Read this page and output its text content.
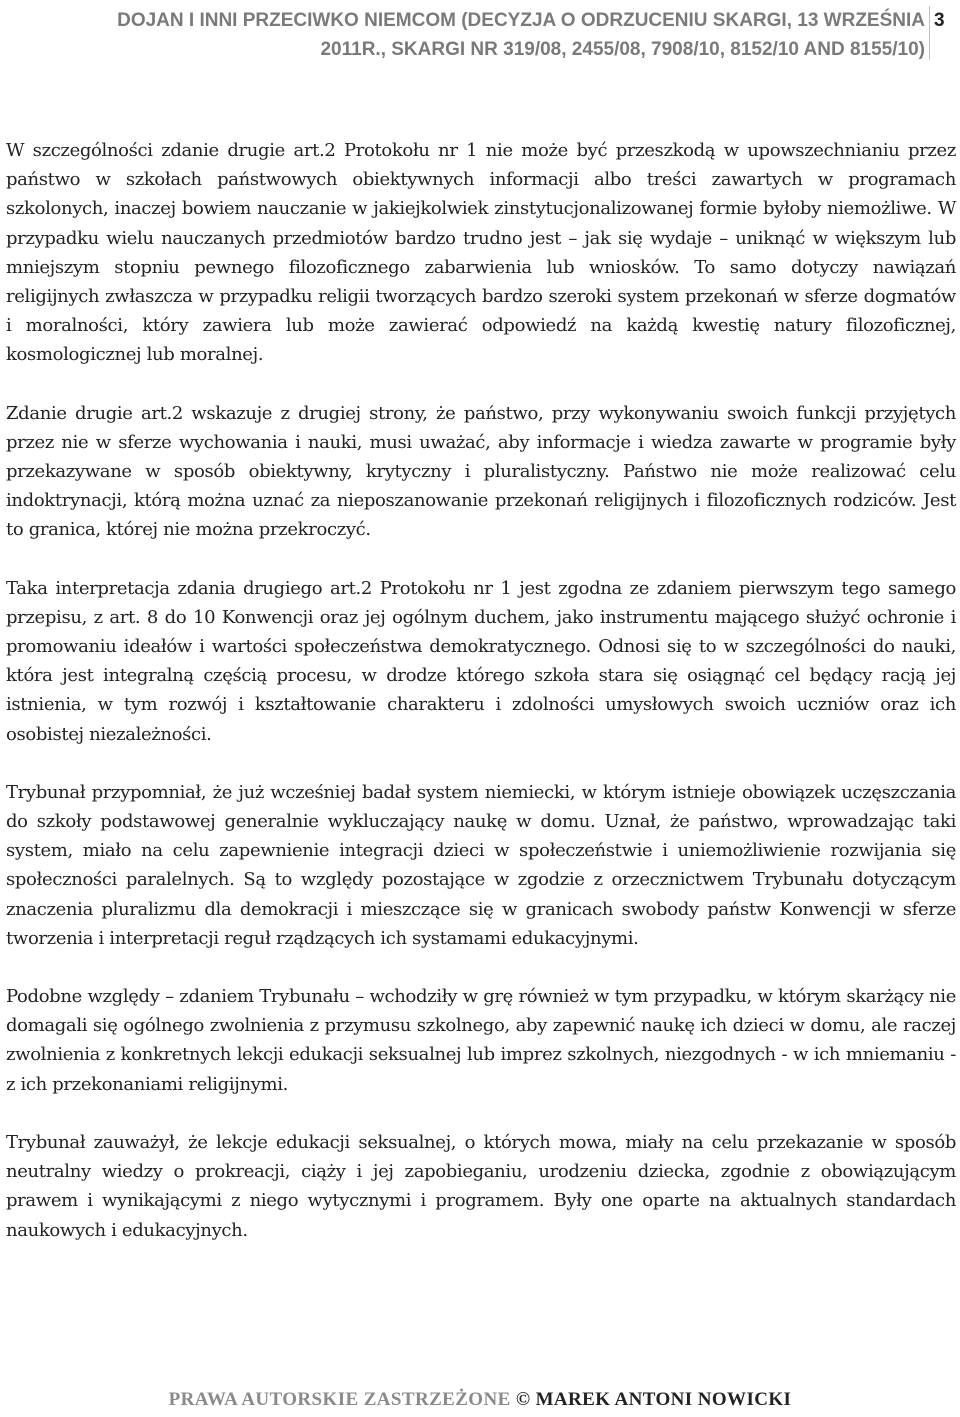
DOJAN I INNI PRZECIWKO NIEMCOM (DECYZJA O ODRZUCENIU SKARGI, 13 WRZEŚNIA
2011R., SKARGI NR 319/08, 2455/08, 7908/10, 8152/10 AND 8155/10)
3

W szczególności zdanie drugie art.2 Protokołu nr 1 nie może być przeszkodą w upowszechnianiu przez państwo w szkołach państwowych obiektywnych informacji albo treści zawartych w programach szkolonych, inaczej bowiem nauczanie w jakiejkolwiek zinstytucjonalizowanej formie byłoby niemożliwe. W przypadku wielu nauczanych przedmiotów bardzo trudno jest – jak się wydaje – uniknąć w większym lub mniejszym stopniu pewnego filozoficznego zabarwienia lub wniosków. To samo dotyczy nawiązań religijnych zwłaszcza w przypadku religii tworzących bardzo szeroki system przekonań w sferze dogmatów i moralności, który zawiera lub może zawierać odpowiedź na każdą kwestię natury filozoficznej, kosmologicznej lub moralnej.

Zdanie drugie art.2 wskazuje z drugiej strony, że państwo, przy wykonywaniu swoich funkcji przyjętych przez nie w sferze wychowania i nauki, musi uważać, aby informacje i wiedza zawarte w programie były przekazywane w sposób obiektywny, krytyczny i pluralistyczny. Państwo nie może realizować celu indoktrynacji, którą można uznać za nieposzanowanie przekonań religijnych i filozoficznych rodziców. Jest to granica, której nie można przekroczyć.

Taka interpretacja zdania drugiego art.2 Protokołu nr 1 jest zgodna ze zdaniem pierwszym tego samego przepisu, z art. 8 do 10 Konwencji oraz jej ogólnym duchem, jako instrumentu mającego służyć ochronie i promowaniu ideałów i wartości społeczeństwa demokratycznego. Odnosi się to w szczególności do nauki, która jest integralną częścią procesu, w drodze którego szkoła stara się osiągnąć cel będący racją jej istnienia, w tym rozwój i kształtowanie charakteru i zdolności umysłowych swoich uczniów oraz ich osobistej niezależności.

Trybunał przypomniał, że już wcześniej badał system niemiecki, w którym istnieje obowiązek uczęszczania do szkoły podstawowej generalnie wykluczający naukę w domu. Uznał, że państwo, wprowadzając taki system, miało na celu zapewnienie integracji dzieci w społeczeństwie i uniemożliwienie rozwijania się społeczności paralelnych. Są to względy pozostające w zgodzie z orzecznictwem Trybunału dotyczącym znaczenia pluralizmu dla demokracji i mieszczące się w granicach swobody państw Konwencji w sferze tworzenia i interpretacji reguł rządzących ich systamami edukacyjnymi.

Podobne względy – zdaniem Trybunału – wchodziły w grę również w tym przypadku, w którym skarżący nie domagali się ogólnego zwolnienia z przymusu szkolnego, aby zapewnić naukę ich dzieci w domu, ale raczej zwolnienia z konkretnych lekcji edukacji seksualnej lub imprez szkolnych, niezgodnych - w ich mniemaniu - z ich przekonaniami religijnymi.

Trybunał zauważył, że lekcje edukacji seksualnej, o których mowa, miały na celu przekazanie w sposób neutralny wiedzy o prokreacji, ciąży i jej zapobieganiu, urodzeniu dziecka, zgodnie z obowiązującym prawem i wynikającymi z niego wytycznymi i programem. Były one oparte na aktualnych standardach naukowych i edukacyjnych.

PRAWA AUTORSKIE ZASTRZEŻONE © MAREK ANTONI NOWICKI
